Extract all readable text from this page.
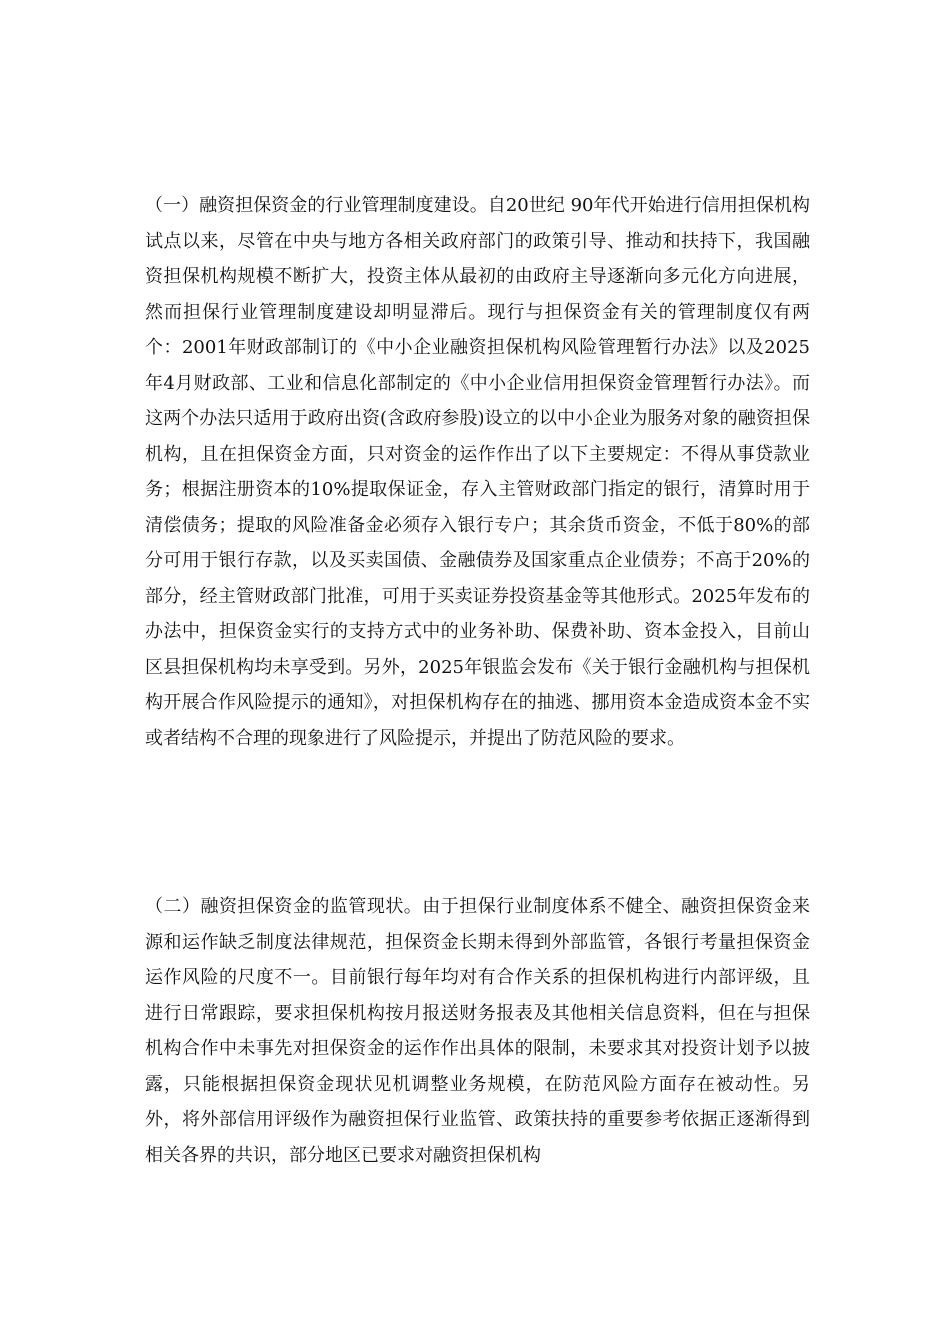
（一）融资担保资金的行业管理制度建设。自20世纪 90年代开始进行信用担保机构试点以来，尽管在中央与地方各相关政府部门的政策引导、推动和扶持下，我国融资担保机构规模不断扩大，投资主体从最初的由政府主导逐渐向多元化方向进展，然而担保行业管理制度建设却明显滞后。现行与担保资金有关的管理制度仅有两个：2001年财政部制订的《中小企业融资担保机构风险管理暂行办法》以及2025年4月财政部、工业和信息化部制定的《中小企业信用担保资金管理暂行办法》。而这两个办法只适用于政府出资(含政府参股)设立的以中小企业为服务对象的融资担保机构，且在担保资金方面，只对资金的运作作出了以下主要规定：不得从事贷款业务；根据注册资本的10%提取保证金，存入主管财政部门指定的银行，清算时用于清偿债务；提取的风险准备金必须存入银行专户；其余货币资金，不低于80%的部分可用于银行存款，以及买卖国债、金融债券及国家重点企业债券；不高于20%的部分，经主管财政部门批准，可用于买卖证券投资基金等其他形式。2025年发布的办法中，担保资金实行的支持方式中的业务补助、保费补助、资本金投入，目前山区县担保机构均未享受到。另外，2025年银监会发布《关于银行金融机构与担保机构开展合作风险提示的通知》，对担保机构存在的抽逃、挪用资本金造成资本金不实或者结构不合理的现象进行了风险提示，并提出了防范风险的要求。

（二）融资担保资金的监管现状。由于担保行业制度体系不健全、融资担保资金来源和运作缺乏制度法律规范，担保资金长期未得到外部监管，各银行考量担保资金运作风险的尺度不一。目前银行每年均对有合作关系的担保机构进行内部评级，且进行日常跟踪，要求担保机构按月报送财务报表及其他相关信息资料，但在与担保机构合作中未事先对担保资金的运作作出具体的限制，未要求其对投资计划予以披露，只能根据担保资金现状见机调整业务规模，在防范风险方面存在被动性。另外，将外部信用评级作为融资担保行业监管、政策扶持的重要参考依据正逐渐得到相关各界的共识，部分地区已要求对融资担保机构
